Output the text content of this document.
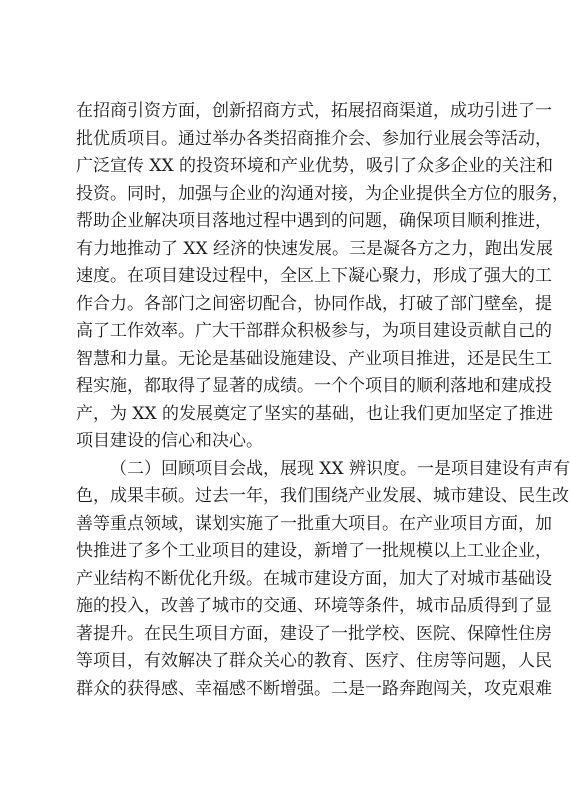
在招商引资方面，创新招商方式，拓展招商渠道，成功引进了一
批优质项目。通过举办各类招商推介会、参加行业展会等活动，
广泛宣传 XX 的投资环境和产业优势，吸引了众多企业的关注和
投资。同时，加强与企业的沟通对接，为企业提供全方位的服务，
帮助企业解决项目落地过程中遇到的问题，确保项目顺利推进，
有力地推动了 XX 经济的快速发展。三是凝各方之力，跑出发展
速度。在项目建设过程中，全区上下凝心聚力，形成了强大的工
作合力。各部门之间密切配合，协同作战，打破了部门壁垒，提
高了工作效率。广大干部群众积极参与，为项目建设贡献自己的
智慧和力量。无论是基础设施建设、产业项目推进，还是民生工
程实施，都取得了显著的成绩。一个个项目的顺利落地和建成投
产，为 XX 的发展奠定了坚实的基础，也让我们更加坚定了推进
项目建设的信心和决心。
（二）回顾项目会战，展现 XX 辨识度。一是项目建设有声有
色，成果丰硕。过去一年，我们围绕产业发展、城市建设、民生改
善等重点领域，谋划实施了一批重大项目。在产业项目方面，加
快推进了多个工业项目的建设，新增了一批规模以上工业企业，
产业结构不断优化升级。在城市建设方面，加大了对城市基础设
施的投入，改善了城市的交通、环境等条件，城市品质得到了显
著提升。在民生项目方面，建设了一批学校、医院、保障性住房
等项目，有效解决了群众关心的教育、医疗、住房等问题，人民
群众的获得感、幸福感不断增强。二是一路奔跑闯关，攻克艰难
